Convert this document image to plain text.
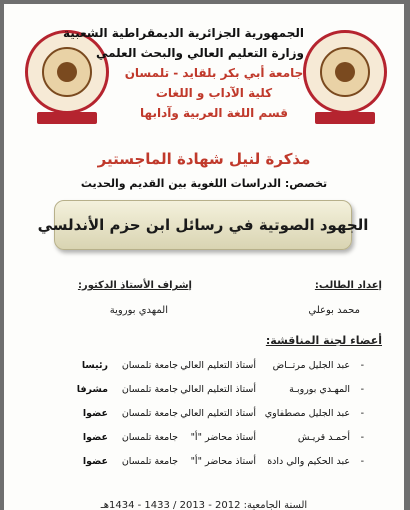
الجمهورية الجزائرية الديمقراطية الشعبية
وزارة التعليم العالي والبحث العلمي
جامعة أبي بكر بلقايد - تلمسان
كلية الآداب و اللغات
قسم اللغة العربية وآدابها
مذكرة لنيل شهادة الماجستير
تخصص: الدراسات اللغوية بين القديم والحديث
الجهود الصوتية في رسائل ابن حزم الأندلسي
إعداد الطالب:
إشراف الأستاذ الدكتور:
محمد بوعلي
المهدي بوروية
أعضاء لجنة المناقشة:
-
عبد الجليل مرتــاض
أستاذ التعليم العالي
جامعة تلمسان
رئيسا
-
المهـدي بوروبـة
أستاذ التعليم العالي
جامعة تلمسان
مشرفا
-
عبد الجليل مصطفاوي
أستاذ التعليم العالي
جامعة تلمسان
عضوا
-
أحمـد قريـش
أستاذ محاضر "أ"
جامعة تلمسان
عضوا
-
عبد الحكيم والي دادة
أستاذ محاضر "أ"
جامعة تلمسان
عضوا
السنة الجامعية: 2012 - 2013 / 1433 - 1434هـ
